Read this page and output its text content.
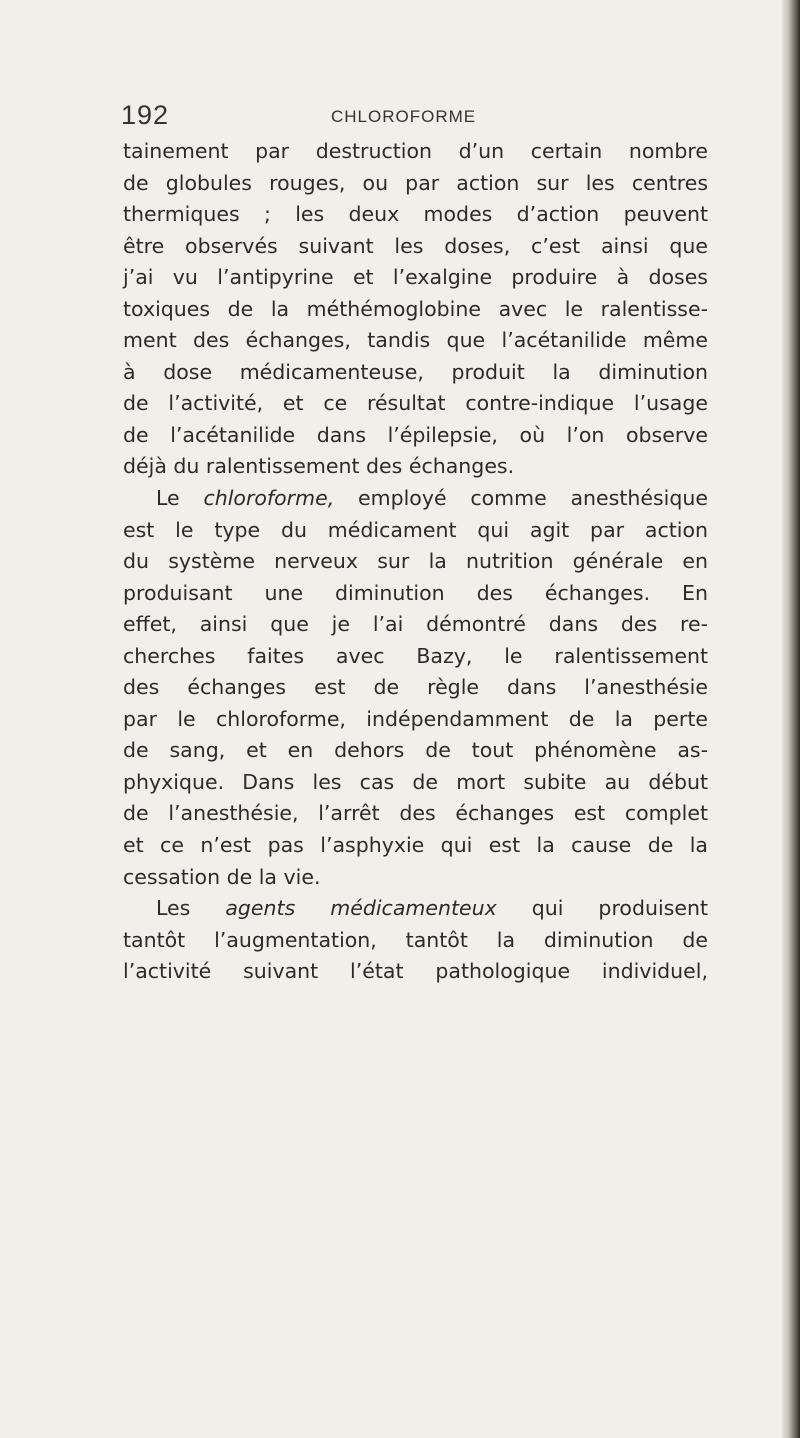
192	CHLOROFORME
tainement par destruction d’un certain nombre
de globules rouges, ou par action sur les centres
thermiques ; les deux modes d’action peuvent
être observés suivant les doses, c’est ainsi que
j’ai vu l’antipyrine et l’exalgine produire à doses
toxiques de la méthémoglobine avec le ralentisse-
ment des échanges, tandis que l’acétanilide même
à dose médicamenteuse, produit la diminution
de l’activité, et ce résultat contre-indique l’usage
de l’acétanilide dans l’épilepsie, où l’on observe
déjà du ralentissement des échanges.
Le chloroforme, employé comme anesthésique
est le type du médicament qui agit par action
du système nerveux sur la nutrition générale en
produisant une diminution des échanges. En
effet, ainsi que je l’ai démontré dans des re-
cherches faites avec Bazy, le ralentissement
des échanges est de règle dans l’anesthésie
par le chloroforme, indépendamment de la perte
de sang, et en dehors de tout phénomène as-
phyxique. Dans les cas de mort subite au début
de l’anesthésie, l’arrêt des échanges est complet
et ce n’est pas l’asphyxie qui est la cause de la
cessation de la vie.
Les agents médicamenteux qui produisent
tantôt l’augmentation, tantôt la diminution de
l’activité suivant l’état pathologique individuel,
